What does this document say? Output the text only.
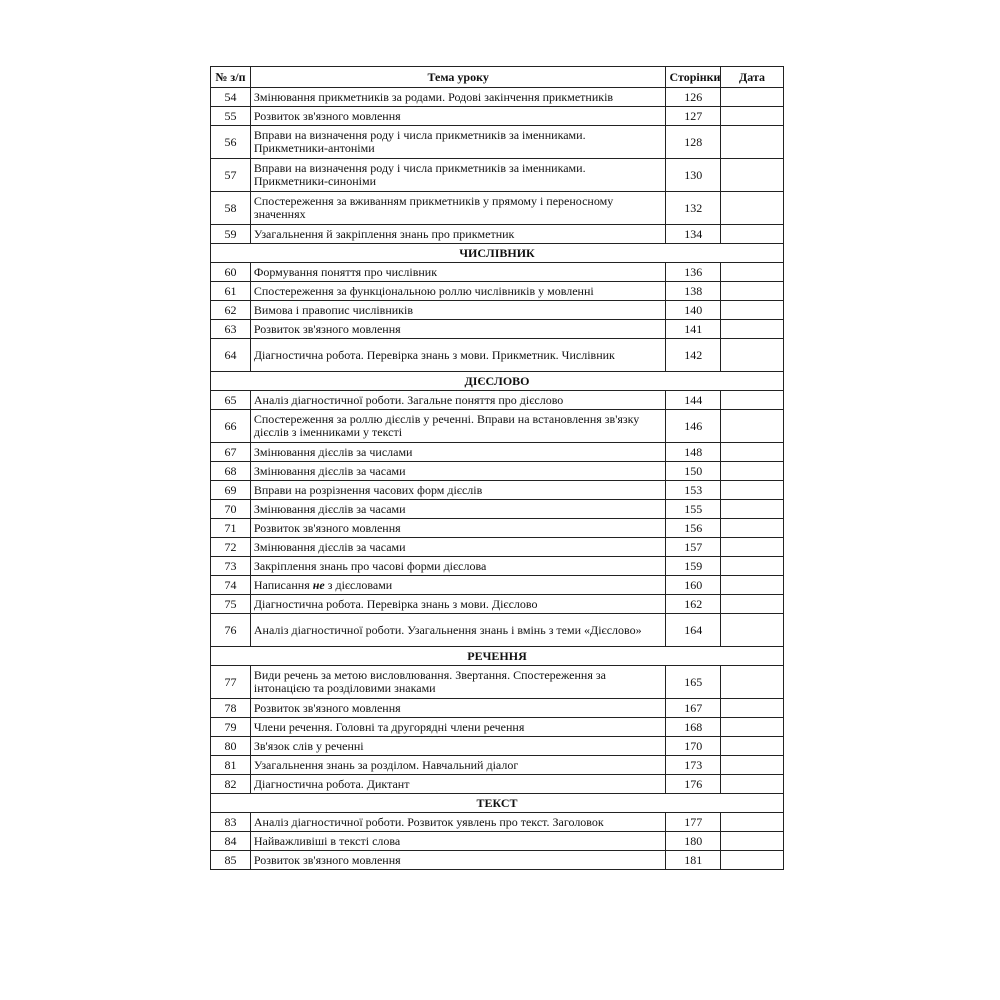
№ з/п	Тема уроку	Сторінки	Дата
54	Змінювання прикметників за родами. Родові закінчення прикметників	126	
55	Розвиток зв'язного мовлення	127	
56	Вправи на визначення роду і числа прикметників за іменниками. Прикметники-антоніми	128	
57	Вправи на визначення роду і числа прикметників за іменниками. Прикметники-синоніми	130	
58	Спостереження за вживанням прикметників у прямому і переносному значеннях	132	
59	Узагальнення й закріплення знань про прикметник	134	
ЧИСЛІВНИК			
60	Формування поняття про числівник	136	
61	Спостереження за функціональною роллю числівників у мовленні	138	
62	Вимова і правопис числівників	140	
63	Розвиток зв'язного мовлення	141	
64	Діагностична робота. Перевірка знань з мови. Прикметник. Числівник	142	
ДІЄСЛОВО			
65	Аналіз діагностичної роботи. Загальне поняття про дієслово	144	
66	Спостереження за роллю дієслів у реченні. Вправи на встановлення зв'язку дієслів з іменниками у тексті	146	
67	Змінювання дієслів за числами	148	
68	Змінювання дієслів за часами	150	
69	Вправи на розрізнення часових форм дієслів	153	
70	Змінювання дієслів за часами	155	
71	Розвиток зв'язного мовлення	156	
72	Змінювання дієслів за часами	157	
73	Закріплення знань про часові форми дієслова	159	
74	Написання не з дієсловами	160	
75	Діагностична робота. Перевірка знань з мови. Дієслово	162	
76	Аналіз діагностичної роботи. Узагальнення знань і вмінь з теми «Дієслово»	164	
РЕЧЕННЯ			
77	Види речень за метою висловлювання. Звертання. Спостереження за інтонацією та розділовими знаками	165	
78	Розвиток зв'язного мовлення	167	
79	Члени речення. Головні та другорядні члени речення	168	
80	Зв'язок слів у реченні	170	
81	Узагальнення знань за розділом. Навчальний діалог	173	
82	Діагностична робота. Диктант	176	
ТЕКСТ			
83	Аналіз діагностичної роботи. Розвиток уявлень про текст. Заголовок	177	
84	Найважливіші в тексті слова	180	
85	Розвиток зв'язного мовлення	181	
